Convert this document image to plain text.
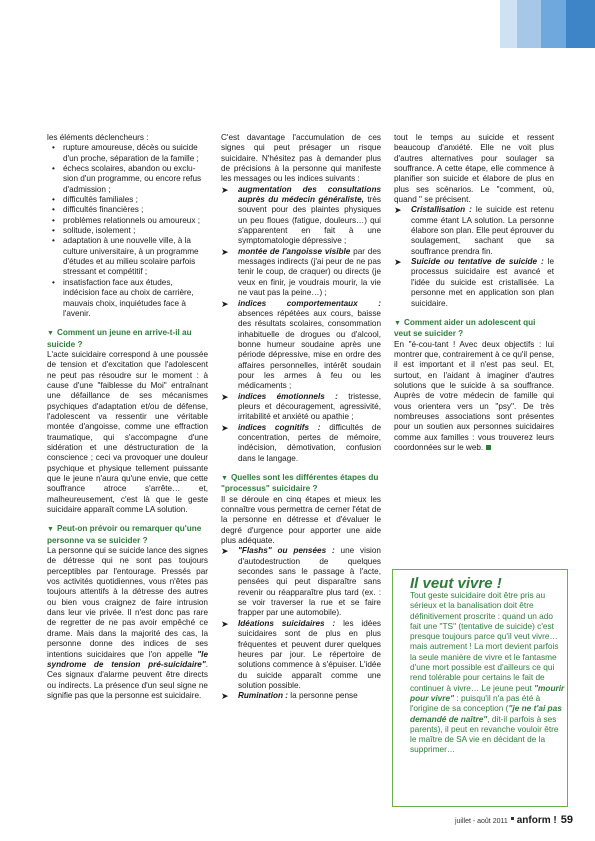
les éléments déclencheurs :

• rupture amoureuse, décès ou suicide d'un proche, séparation de la famille ;
• échecs scolaires, abandon ou exclu-sion d'un programme, ou encore refus d'admission ;
• difficultés familiales ;
• difficultés financières ;
• problèmes relationnels ou amoureux ;
• solitude, isolement ;
• adaptation à une nouvelle ville, à la culture universitaire, à un programme d'études et au milieu scolaire parfois stressant et compétitif ;
• insatisfaction face aux études, indécision face au choix de carrière, mauvais choix, inquiétudes face à l'avenir.

▼ Comment un jeune en arrive-t-il au suicide ?

L'acte suicidaire correspond à une poussée de tension et d'excitation que l'adolescent ne peut pas résoudre sur le moment : à cause d'une "faiblesse du Moi" entraînant une défaillance de ses mécanismes psychiques d'adaptation et/ou de défense, l'adolescent va ressentir une véritable montée d'angoisse, comme une effraction traumatique, qui s'accompagne d'une sidération et une déstructuration de la conscience ; ceci va provoquer une douleur psychique et physique tellement puissante que le jeune n'aura qu'une envie, que cette souffrance atroce s'arrête… et, malheureusement, c'est là que le geste suicidaire apparaît comme LA solution.

▼ Peut-on prévoir ou remarquer qu'une personne va se suicider ?

La personne qui se suicide lance des signes de détresse qui ne sont pas toujours perceptibles par l'entourage. Pressés par vos activités quotidiennes, vous n'êtes pas toujours attentifs à la détresse des autres ou bien vous craignez de faire intrusion dans leur vie privée. Il n'est donc pas rare de regretter de ne pas avoir empêché ce drame. Mais dans la majorité des cas, la personne donne des indices de ses intentions suicidaires que l'on appelle "le syndrome de tension pré-suicidaire". Ces signaux d'alarme peuvent être directs ou indirects. La présence d'un seul signe ne signifie pas que la personne est suicidaire.

C'est davantage l'accumulation de ces signes qui peut présager un risque suicidaire. N'hésitez pas à demander plus de précisions à la personne qui manifeste les messages ou les indices suivants :

➤ augmentation des consultations auprès du médecin généraliste, très souvent pour des plaintes physiques un peu floues (fatigue, douleurs…) qui s'apparentent en fait à une symptomatologie dépressive ;
➤ montée de l'angoisse visible par des messages indirects (j'ai peur de ne pas tenir le coup, de craquer) ou directs (je veux en finir, je voudrais mourir, la vie ne vaut pas la peine…) ;
➤ indices comportementaux : absences répétées aux cours, baisse des résultats scolaires, consommation inhabituelle de drogues ou d'alcool, bonne humeur soudaine après une période dépressive, mise en ordre des affaires personnelles, intérêt soudain pour les armes à feu ou les médicaments ;
➤ indices émotionnels : tristesse, pleurs et découragement, agressivité, irritabilité et anxiété ou apathie ;
➤ indices cognitifs : difficultés de concentration, pertes de mémoire, indécision, démotivation, confusion dans le langage.

▼ Quelles sont les différentes étapes du "processus" suicidaire ?

Il se déroule en cinq étapes et mieux les connaître vous permettra de cerner l'état de la personne en détresse et d'évaluer le degré d'urgence pour apporter une aide plus adéquate.

➤ "Flashs" ou pensées : une vision d'autodestruction de quelques secondes sans le passage à l'acte, pensées qui peut disparaître sans revenir ou réapparaître plus tard (ex. : se voir traverser la rue et se faire frapper par une automobile).
➤ Idéations suicidaires : les idées suicidaires sont de plus en plus fréquentes et peuvent durer quelques heures par jour. Le répertoire de solutions commence à s'épuiser. L'idée du suicide apparaît comme une solution possible.
➤ Rumination : la personne pense

tout le temps au suicide et ressent beaucoup d'anxiété. Elle ne voit plus d'autres alternatives pour soulager sa souffrance. A cette étape, elle commence à planifier son suicide et élabore de plus en plus ses scénarios. Le "comment, où, quand " se précisent.

➤ Cristallisation : le suicide est retenu comme étant LA solution. La personne élabore son plan. Elle peut éprouver du soulagement, sachant que sa souffrance prendra fin.
➤ Suicide ou tentative de suicide : le processus suicidaire est avancé et l'idée du suicide est cristallisée. La personne met en application son plan suicidaire.

▼ Comment aider un adolescent qui veut se suicider ?

En "é-cou-tant ! Avec deux objectifs : lui montrer que, contrairement à ce qu'il pense, il est important et il n'est pas seul. Et, surtout, en l'aidant à imaginer d'autres solutions que le suicide à sa souffrance. Auprès de votre médecin de famille qui vous orientera vers un "psy". De très nombreuses associations sont présentes pour un soutien aux personnes suicidaires comme aux familles : vous trouverez leurs coordonnées sur le web.

Il veut vivre !

Tout geste suicidaire doit être pris au sérieux et la banalisation doit être définitivement proscrite : quand un ado fait une "TS" (tentative de suicide) c'est presque toujours parce qu'il veut vivre… mais autrement ! La mort devient parfois la seule manière de vivre et le fantasme d'une mort possible est d'ailleurs ce qui rend tolérable pour certains le fait de continuer à vivre… Le jeune peut "mourir pour vivre" : puisqu'il n'a pas été à l'origine de sa conception ("je ne t'ai pas demandé de naître", dit-il parfois à ses parents), il peut en revanche vouloir être le maître de SA vie en décidant de la supprimer…

juillet - août 2011 anform ! 59
